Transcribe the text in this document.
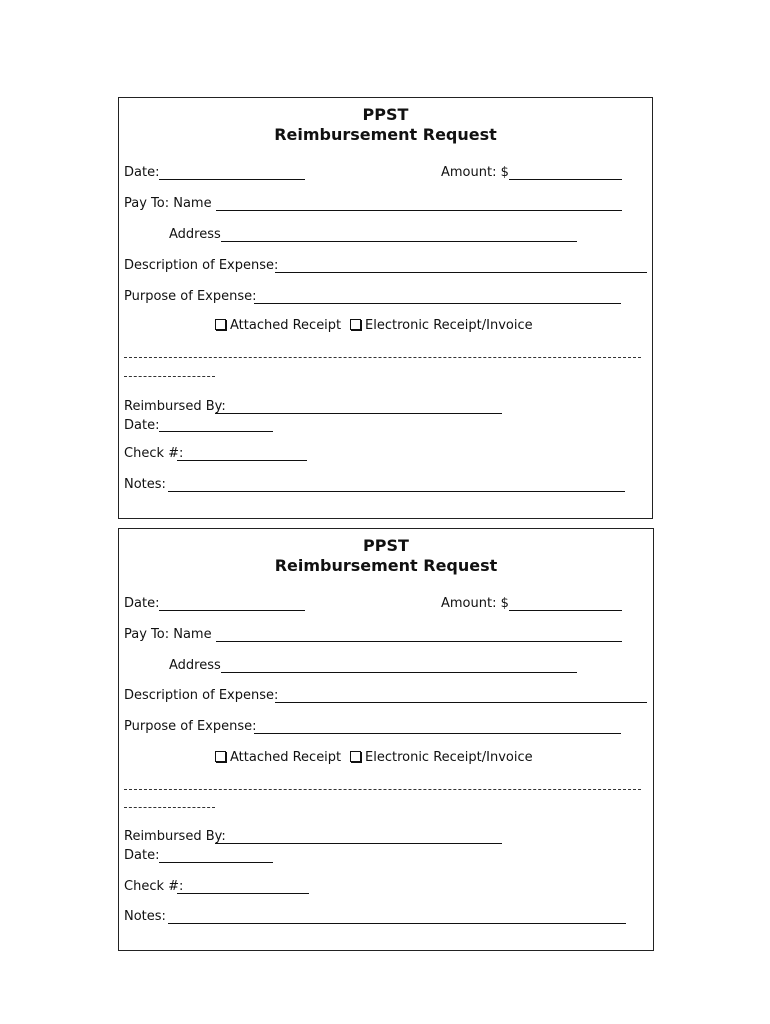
PPST
Reimbursement Request
Date:	Amount: $
Pay To: Name
Address
Description of Expense:
Purpose of Expense:
Attached Receipt	Electronic Receipt/Invoice
Reimbursed By:
Date:
Check #:
Notes:
PPST
Reimbursement Request
Date:	Amount: $
Pay To: Name
Address
Description of Expense:
Purpose of Expense:
Attached Receipt	Electronic Receipt/Invoice
Reimbursed By:
Date:
Check #:
Notes:
